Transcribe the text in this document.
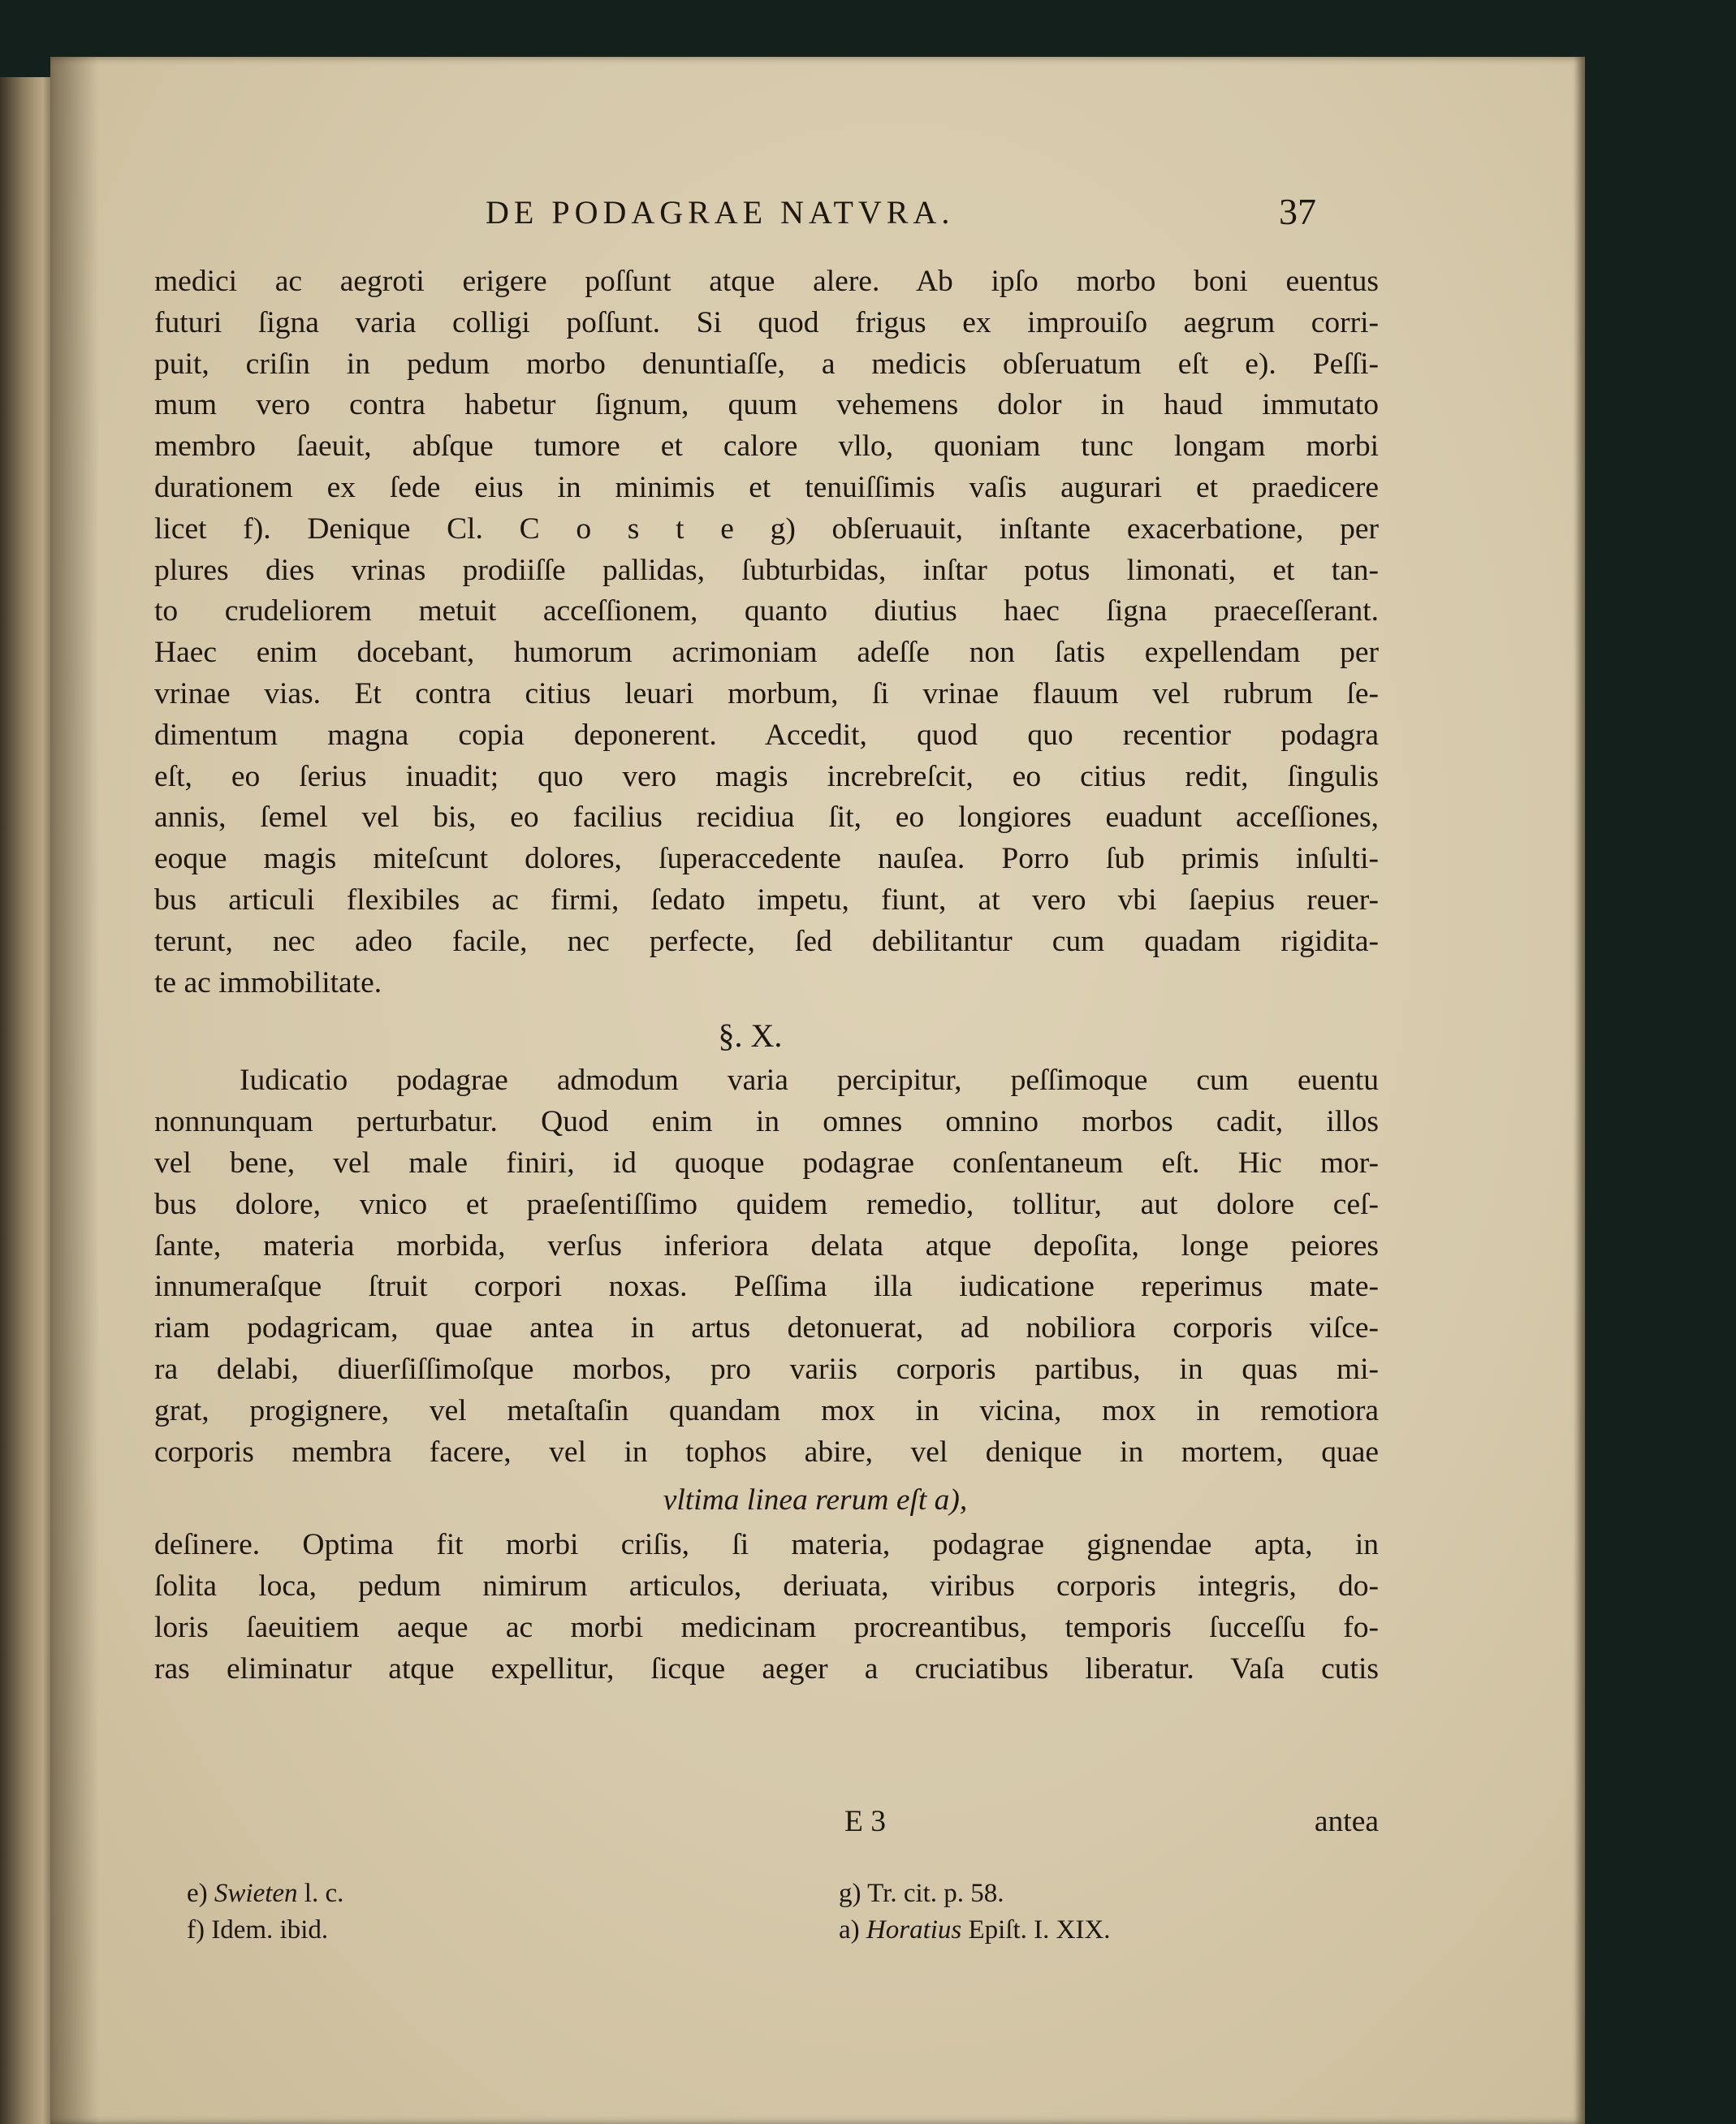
DE PODAGRAE NATVRA.	37
medici ac aegroti erigere poſſunt atque alere. Ab ipſo morbo boni euentus
futuri ſigna varia colligi poſſunt. Si quod frigus ex improuiſo aegrum corri-
puit, criſin in pedum morbo denuntiaſſe, a medicis obſeruatum eſt e). Peſſi-
mum vero contra habetur ſignum, quum vehemens dolor in haud immutato
membro ſaeuit, abſque tumore et calore vllo, quoniam tunc longam morbi
durationem ex ſede eius in minimis et tenuiſſimis vaſis augurari et praedicere
licet f). Denique Cl. C o s t e g) obſeruauit, inſtante exacerbatione, per
plures dies vrinas prodiiſſe pallidas, ſubturbidas, inſtar potus limonati, et tan-
to crudeliorem metuit acceſſionem, quanto diutius haec ſigna praeceſſerant.
Haec enim docebant, humorum acrimoniam adeſſe non ſatis expellendam per
vrinae vias. Et contra citius leuari morbum, ſi vrinae flauum vel rubrum ſe-
dimentum magna copia deponerent. Accedit, quod quo recentior podagra
eſt, eo ſerius inuadit; quo vero magis increbreſcit, eo citius redit, ſingulis
annis, ſemel vel bis, eo facilius recidiua ſit, eo longiores euadunt acceſſiones,
eoque magis miteſcunt dolores, ſuperaccedente nauſea. Porro ſub primis inſulti-
bus articuli flexibiles ac firmi, ſedato impetu, fiunt, at vero vbi ſaepius reuer-
terunt, nec adeo facile, nec perfecte, ſed debilitantur cum quadam rigidita-
te ac immobilitate.
§. X.
Iudicatio podagrae admodum varia percipitur, peſſimoque cum euentu
nonnunquam perturbatur. Quod enim in omnes omnino morbos cadit, illos
vel bene, vel male finiri, id quoque podagrae conſentaneum eſt. Hic mor-
bus dolore, vnico et praeſentiſſimo quidem remedio, tollitur, aut dolore ceſ-
ſante, materia morbida, verſus inferiora delata atque depoſita, longe peiores
innumeraſque ſtruit corpori noxas. Peſſima illa iudicatione reperimus mate-
riam podagricam, quae antea in artus detonuerat, ad nobiliora corporis viſce-
ra delabi, diuerſiſſimoſque morbos, pro variis corporis partibus, in quas mi-
grat, progignere, vel metaſtaſin quandam mox in vicina, mox in remotiora
corporis membra facere, vel in tophos abire, vel denique in mortem, quae
vltima linea rerum eſt a),
deſinere. Optima fit morbi criſis, ſi materia, podagrae gignendae apta, in
ſolita loca, pedum nimirum articulos, deriuata, viribus corporis integris, do-
loris ſaeuitiem aeque ac morbi medicinam procreantibus, temporis ſucceſſu fo-
ras eliminatur atque expellitur, ſicque aeger a cruciatibus liberatur. Vaſa cutis
E 3	antea
e) Swieten l. c.
f) Idem. ibid.
g) Tr. cit. p. 58.
a) Horatius Epiſt. I. XIX.
